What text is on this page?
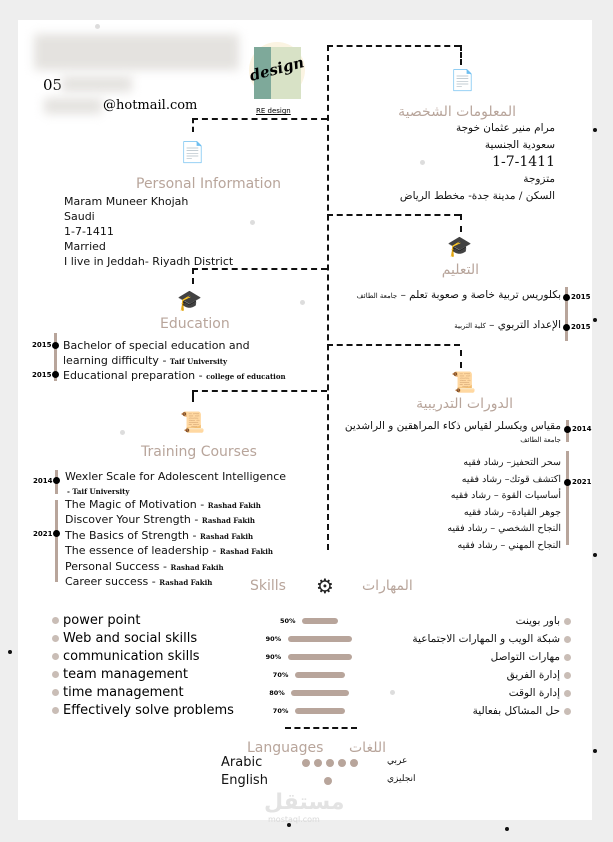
05
@hotmail.com
design
RE design
📄
Personal Information
Maram Muneer Khojah
Saudi
1-7-1411
Married
I live in Jeddah- Riyadh District
📄
المعلومات الشخصية
مرام منير عثمان خوجة
سعودية الجنسية
1-7-1411
متزوجة
السكن / مدينة جدة- مخطط الرياض
🎓
Education
2015
2015
Bachelor of special education and
learning difficulty - Taif University
Educational preparation - college of education
🎓
التعليم
2015
2015
بكلوريس تربية خاصة و صعوبة تعلم – جامعة الطائف
الإعداد التربوي – كلية التربية
📜
Training Courses
2014
2021
Wexler Scale for Adolescent Intelligence
- Taif University
The Magic of Motivation - Rashad Fakih
Discover Your Strength - Rashad Fakih
The Basics of Strength - Rashad Fakih
The essence of leadership - Rashad Fakih
Personal Success - Rashad Fakih
Career success - Rashad Fakih
📜
الدورات التدريبية
2014
2021
مقياس ويكسلر لقياس ذكاء المراهقين و الراشدين
جامعة الطائف
سحر التحفيز– رشاد فقيه
اكتشف قوتك– رشاد فقيه
أساسيات القوة – رشاد فقيه
جوهر القيادة– رشاد فقيه
النجاح الشخصي – رشاد فقيه
النجاح المهني – رشاد فقيه
Skills ⚙ المهارات
power point
Web and social skills
communication skills
team management
time management
Effectively solve problems
50%
90%
90%
70%
80%
70%
باور بوينت
شبكة الويب و المهارات الاجتماعية
مهارات التواصل
إدارة الفريق
إدارة الوقت
حل المشاكل بفعالية
Languages اللغات
Arabic	عربي
English	انجليزي
مستقل
mostaql.com
